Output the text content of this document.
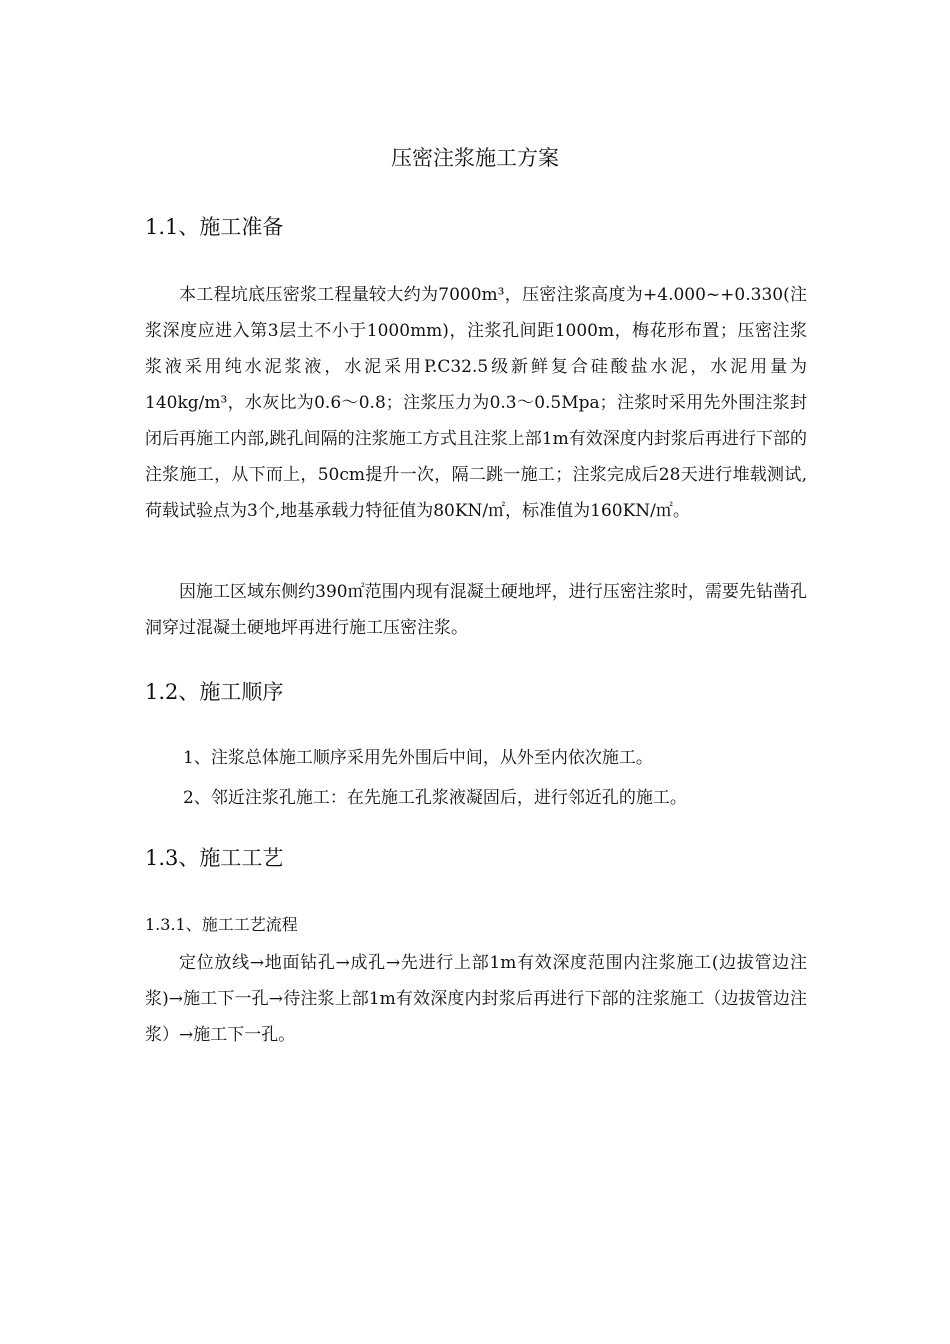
压密注浆施工方案
1.1、施工准备

本工程坑底压密浆工程量较大约为7000m³，压密注浆高度为+4.000~+0.330(注浆深度应进入第3层土不小于1000mm)，注浆孔间距1000m，梅花形布置；压密注浆浆液采用纯水泥浆液，水泥采用P.C32.5级新鲜复合硅酸盐水泥，水泥用量为140kg/m³，水灰比为0.6～0.8；注浆压力为0.3～0.5Mpa；注浆时采用先外围注浆封闭后再施工内部,跳孔间隔的注浆施工方式且注浆上部1m有效深度内封浆后再进行下部的注浆施工，从下而上，50cm提升一次，隔二跳一施工；注浆完成后28天进行堆载测试,荷载试验点为3个,地基承载力特征值为80KN/㎡，标准值为160KN/㎡。

因施工区域东侧约390㎡范围内现有混凝土硬地坪，进行压密注浆时，需要先钻凿孔洞穿过混凝土硬地坪再进行施工压密注浆。

1.2、施工顺序
1、注浆总体施工顺序采用先外围后中间，从外至内依次施工。
2、邻近注浆孔施工：在先施工孔浆液凝固后，进行邻近孔的施工。
1.3、施工工艺
1.3.1、施工工艺流程

定位放线→地面钻孔→成孔→先进行上部1m有效深度范围内注浆施工(边拔管边注浆)→施工下一孔→待注浆上部1m有效深度内封浆后再进行下部的注浆施工（边拔管边注浆）→施工下一孔。
